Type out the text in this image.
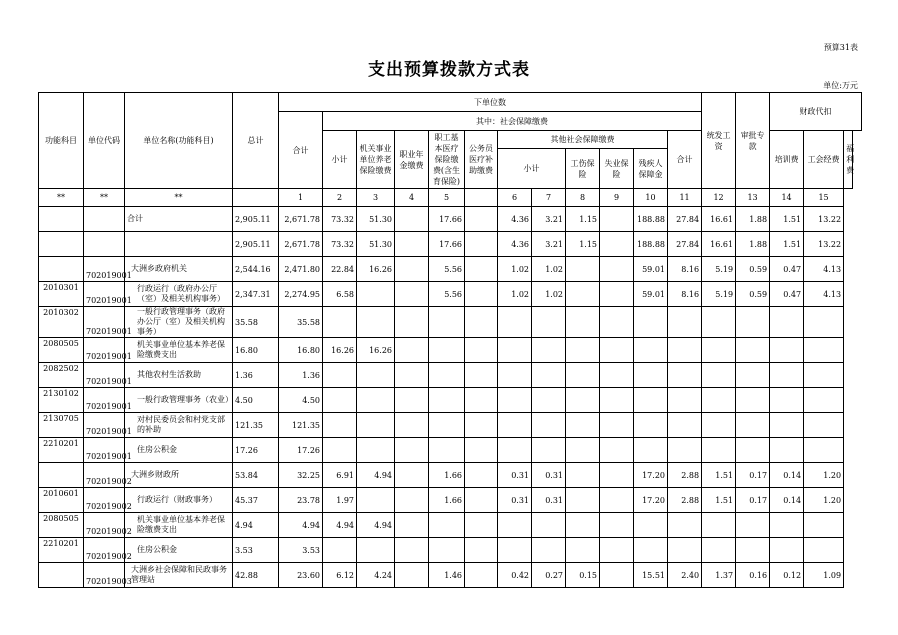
预算31表
支出预算拨款方式表
单位:万元
功能科目	单位代码	单位名称(功能科目)	总计	下单位数												统发工资	审批专款	财政代扣		
				合计	其中：社会保障缴费															
					小计	机关事业单位养老保险缴费	职业年金缴费	职工基本医疗保险缴费(含生育保险)	公务员医疗补助缴费	其他社会保障缴费					合计			培训费	工会经费	福利费
										小计		工伤保险	失业保险	残疾人保障金						
**	**	**		1	2	3	4	5		6	7	8	9	10	11	12	13	14	15	
		合计	2,905.11	2,671.78	73.32	51.30		17.66		4.36	3.21	1.15		188.88	27.84	16.61	1.88	1.51	13.22	
			2,905.11	2,671.78	73.32	51.30		17.66		4.36	3.21	1.15		188.88	27.84	16.61	1.88	1.51	13.22	
	702019001	大洲乡政府机关	2,544.16	2,471.80	22.84	16.26		5.56		1.02	1.02			59.01	8.16	5.19	0.59	0.47	4.13	
2010301	702019001	行政运行（政府办公厅（室）及相关机构事务）	2,347.31	2,274.95	6.58			5.56		1.02	1.02			59.01	8.16	5.19	0.59	0.47	4.13	
2010302	702019001	一般行政管理事务（政府办公厅（室）及相关机构事务）	35.58	35.58																
2080505	702019001	机关事业单位基本养老保险缴费支出	16.80	16.80	16.26	16.26														
2082502	702019001	其他农村生活救助	1.36	1.36																
2130102	702019001	一般行政管理事务（农业）	4.50	4.50																
2130705	702019001	对村民委员会和村党支部的补助	121.35	121.35																
2210201	702019001	住房公积金	17.26	17.26																
	702019002	大洲乡财政所	53.84	32.25	6.91	4.94		1.66		0.31	0.31			17.20	2.88	1.51	0.17	0.14	1.20	
2010601	702019002	行政运行（财政事务）	45.37	23.78	1.97			1.66		0.31	0.31			17.20	2.88	1.51	0.17	0.14	1.20	
2080505	702019002	机关事业单位基本养老保险缴费支出	4.94	4.94	4.94	4.94														
2210201	702019002	住房公积金	3.53	3.53																
	702019003	大洲乡社会保障和民政事务管理站	42.88	23.60	6.12	4.24		1.46		0.42	0.27	0.15		15.51	2.40	1.37	0.16	0.12	1.09	
